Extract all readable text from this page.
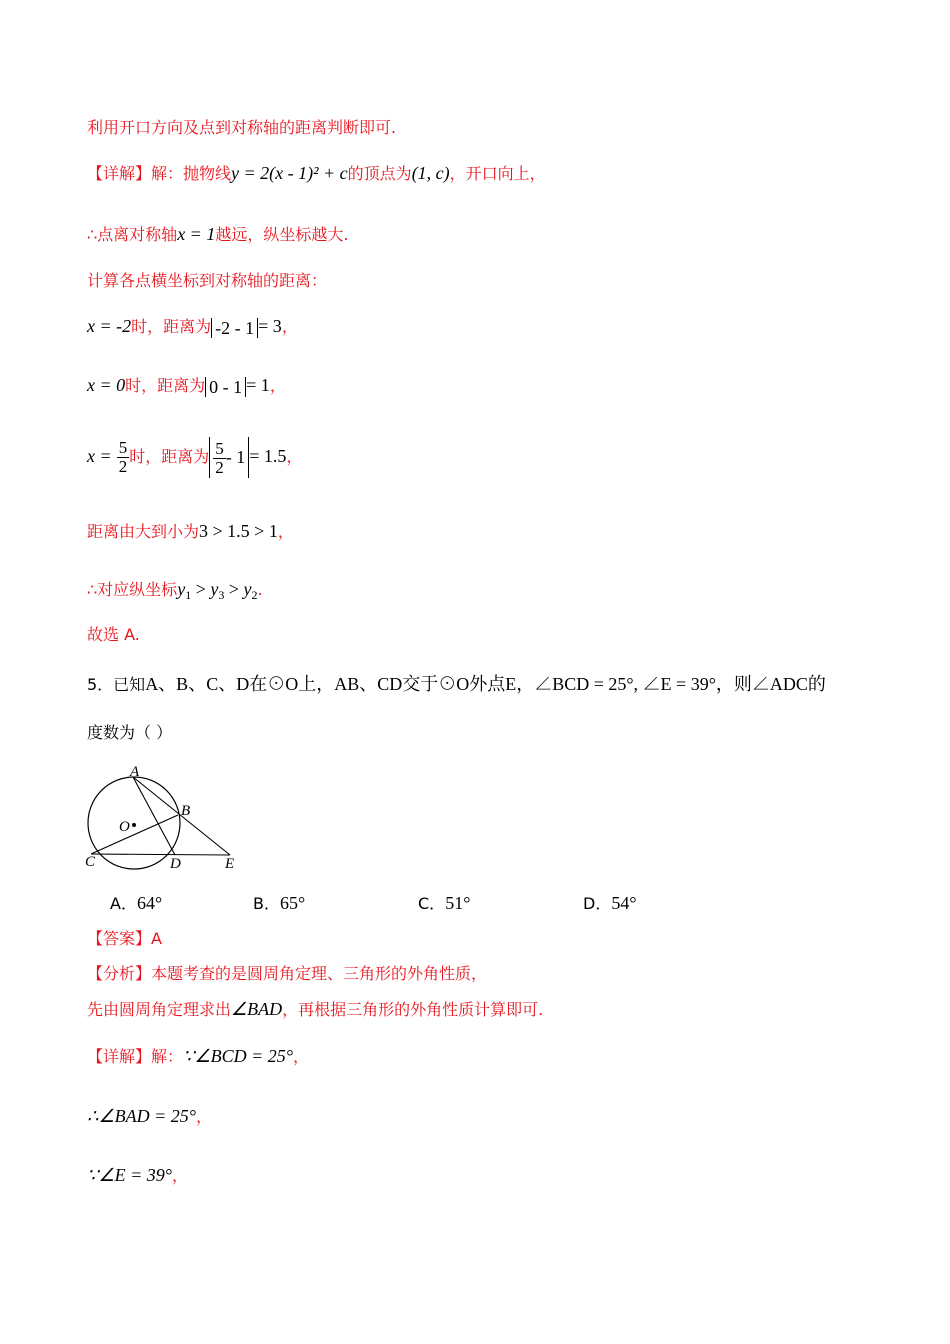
利用开口方向及点到对称轴的距离判断即可.
【详解】解：抛物线y = 2(x - 1)² + c的顶点为(1, c)，开口向上，
∴点离对称轴x = 1越远，纵坐标越大.
计算各点横坐标到对称轴的距离：
x = -2时，距离为 -2 - 1 = 3，
x = 0时，距离为 0 - 1 = 1，
$x = \frac{5}{2}$ 时，距离为 $\frac{5}{2} - 1 = 1.5$，
距离由大到小为3 > 1.5 > 1，
∴对应纵坐标$y_1 > y_3 > y_2$.
故选 A.
5．已知A、B、C、D在⊙O上，AB、CD交于⊙O外点E，∠BCD = 25°, ∠E = 39°，则∠ADC的
度数为（ ）
A
B
O
C	D	E
A．64°	B．65°	C．51°	D．54°
【答案】A
【分析】本题考查的是圆周角定理、三角形的外角性质，
先由圆周角定理求出∠BAD，再根据三角形的外角性质计算即可.
【详解】解：∵∠BCD = 25°，
∴∠BAD = 25°，
∵∠E = 39°，
